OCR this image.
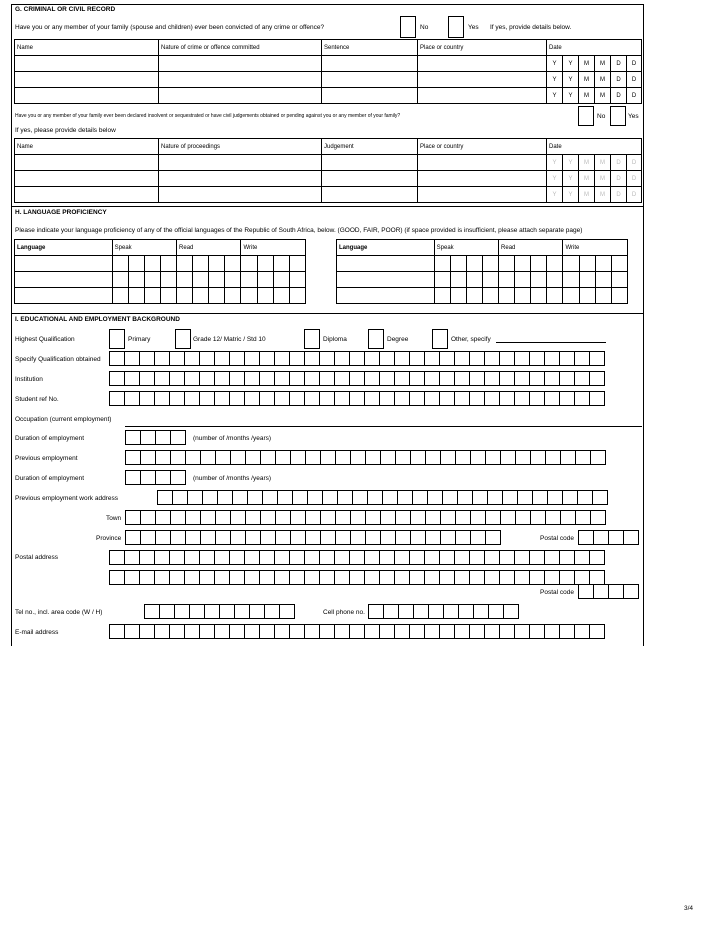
G. CRIMINAL OR CIVIL RECORD
Have you or any member of your family (spouse and children) ever been convicted of any crime or offence?	No	Yes If yes, provide details below.
Name	Nature of crime or offence committed	Sentence	Place or country	Date					
				Y	Y	M	M	D	D
				Y	Y	M	M	D	D
				Y	Y	M	M	D	D
Have you or any member of your family ever been declared insolvent or sequestrated or have civil judgements obtained or pending against you or any member of your family?	No	Yes
If yes, please provide details below
Name	Nature of proceedings	Judgement	Place or country	Date					
				Y	Y	M	M	D	D
				Y	Y	M	M	D	D
				Y	Y	M	M	D	D
H. LANGUAGE PROFICIENCY
Please indicate your language proficiency of any of the official languages of the Republic of South Africa, below. (GOOD, FAIR, POOR) (if space provided is insufficient, please attach separate page)
Language	Speak				Read				Write			

													Language	Speak				Read				Write			

I. EDUCATIONAL AND EMPLOYMENT BACKGROUND
Highest Qualification	Primary	Grade 12/ Matric / Std 10	Diploma	Degree	Other, specify
Specify Qualification obtained
Institution
Student ref No.
Occupation (current employment)
Duration of employment	(number of /months /years)
Previous employment
Duration of employment	(number of /months /years)
Previous employment work address
Town
Province	Postal code
Postal address
Postal code
Tel no., incl. area code (W / H)	Cell phone no.
E-mail address
3/4
